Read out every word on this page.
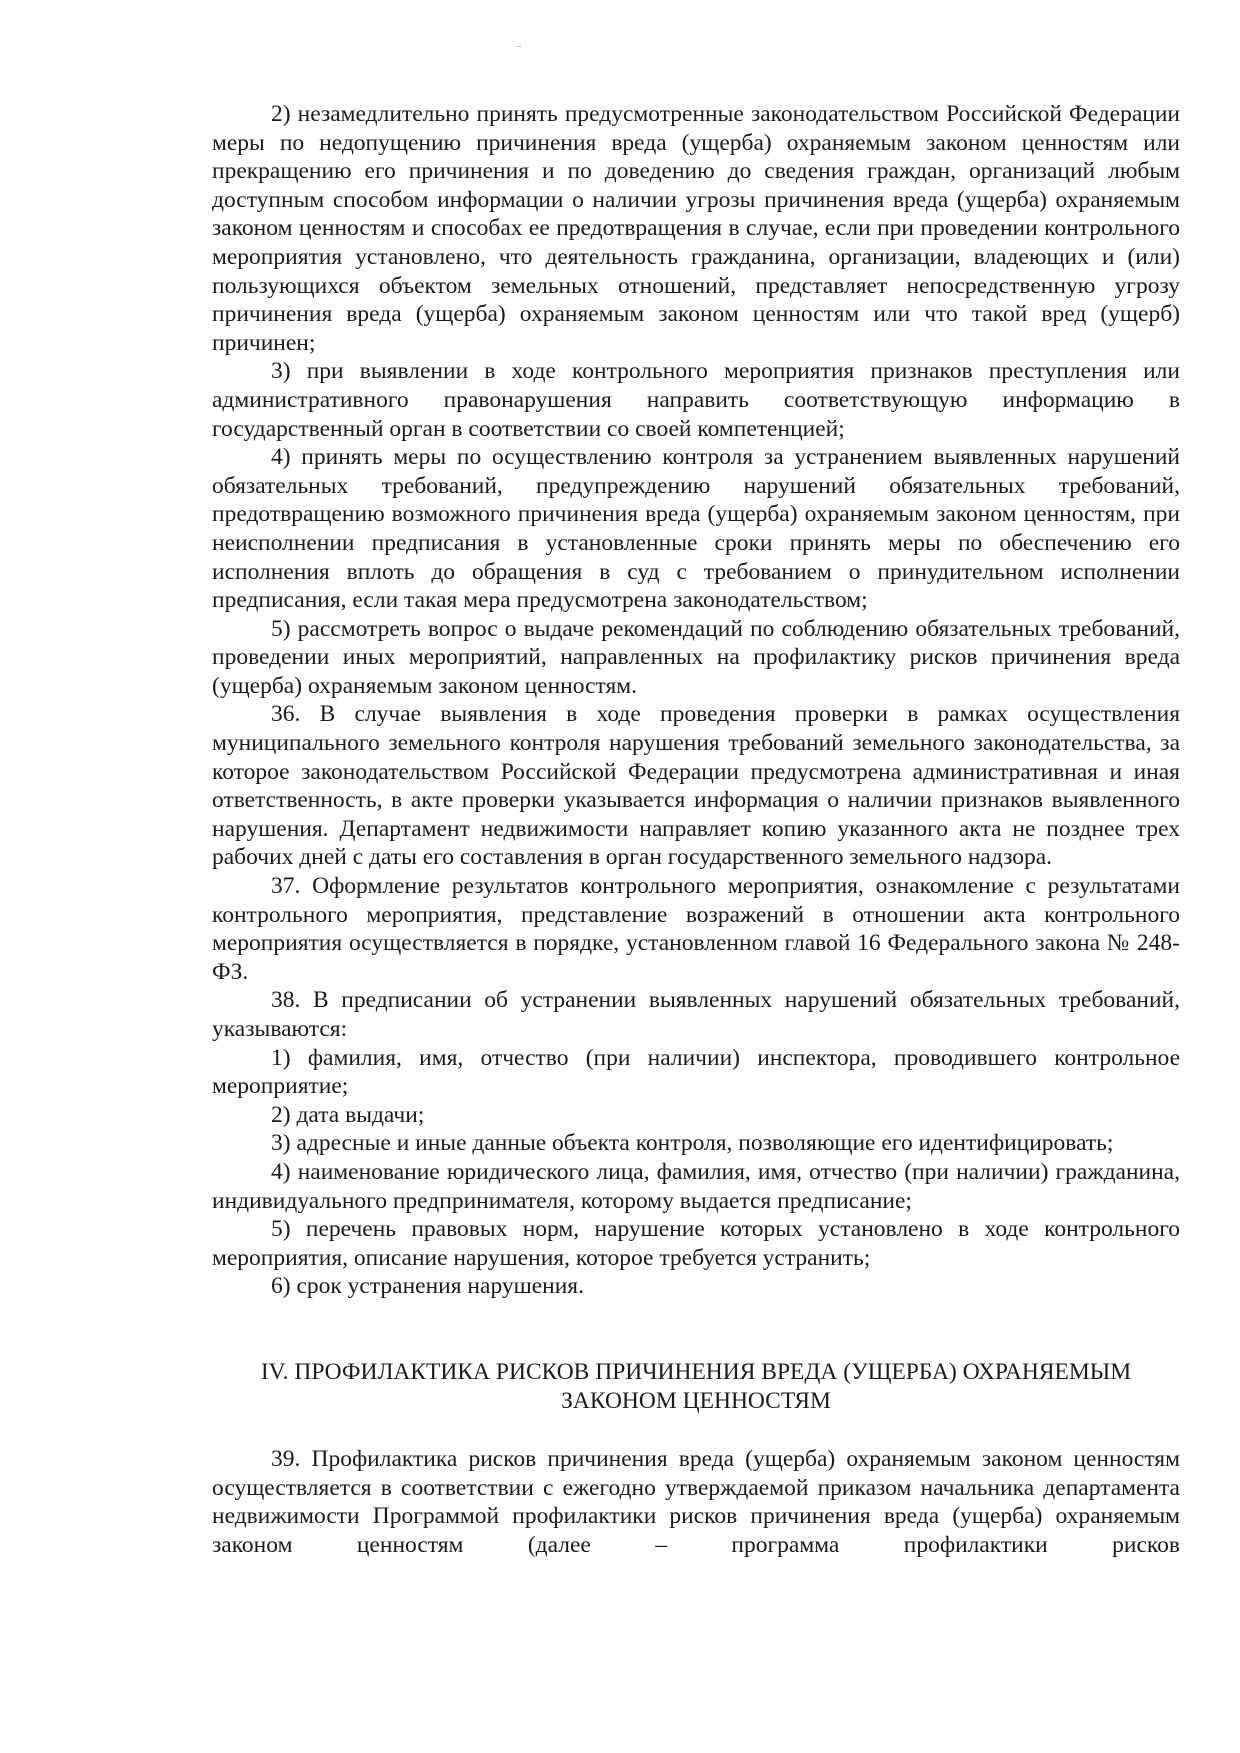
2) незамедлительно принять предусмотренные законодательством Российской Федерации меры по недопущению причинения вреда (ущерба) охраняемым законом ценностям или прекращению его причинения и по доведению до сведения граждан, организаций любым доступным способом информации о наличии угрозы причинения вреда (ущерба) охраняемым законом ценностям и способах ее предотвращения в случае, если при проведении контрольного мероприятия установлено, что деятельность гражданина, организации, владеющих и (или) пользующихся объектом земельных отношений, представляет непосредственную угрозу причинения вреда (ущерба) охраняемым законом ценностям или что такой вред (ущерб) причинен;

3) при выявлении в ходе контрольного мероприятия признаков преступления или административного правонарушения направить соответствующую информацию в государственный орган в соответствии со своей компетенцией;

4) принять меры по осуществлению контроля за устранением выявленных нарушений обязательных требований, предупреждению нарушений обязательных требований, предотвращению возможного причинения вреда (ущерба) охраняемым законом ценностям, при неисполнении предписания в установленные сроки принять меры по обеспечению его исполнения вплоть до обращения в суд с требованием о принудительном исполнении предписания, если такая мера предусмотрена законодательством;

5) рассмотреть вопрос о выдаче рекомендаций по соблюдению обязательных требований, проведении иных мероприятий, направленных на профилактику рисков причинения вреда (ущерба) охраняемым законом ценностям.

36. В случае выявления в ходе проведения проверки в рамках осуществления муниципального земельного контроля нарушения требований земельного законодательства, за которое законодательством Российской Федерации предусмотрена административная и иная ответственность, в акте проверки указывается информация о наличии признаков выявленного нарушения. Департамент недвижимости направляет копию указанного акта не позднее трех рабочих дней с даты его составления в орган государственного земельного надзора.

37. Оформление результатов контрольного мероприятия, ознакомление с результатами контрольного мероприятия, представление возражений в отношении акта контрольного мероприятия осуществляется в порядке, установленном главой 16 Федерального закона № 248-ФЗ.

38. В предписании об устранении выявленных нарушений обязательных требований, указываются:

1) фамилия, имя, отчество (при наличии) инспектора, проводившего контрольное мероприятие;

2) дата выдачи;

3) адресные и иные данные объекта контроля, позволяющие его идентифицировать;

4) наименование юридического лица, фамилия, имя, отчество (при наличии) гражданина, индивидуального предпринимателя, которому выдается предписание;

5) перечень правовых норм, нарушение которых установлено в ходе контрольного мероприятия, описание нарушения, которое требуется устранить;

6) срок устранения нарушения.

IV. ПРОФИЛАКТИКА РИСКОВ ПРИЧИНЕНИЯ ВРЕДА (УЩЕРБА) ОХРАНЯЕМЫМ
ЗАКОНОМ ЦЕННОСТЯМ

39. Профилактика рисков причинения вреда (ущерба) охраняемым законом ценностям осуществляется в соответствии с ежегодно утверждаемой приказом начальника департамента недвижимости Программой профилактики рисков причинения вреда (ущерба) охраняемым законом ценностям (далее – программа профилактики рисков
